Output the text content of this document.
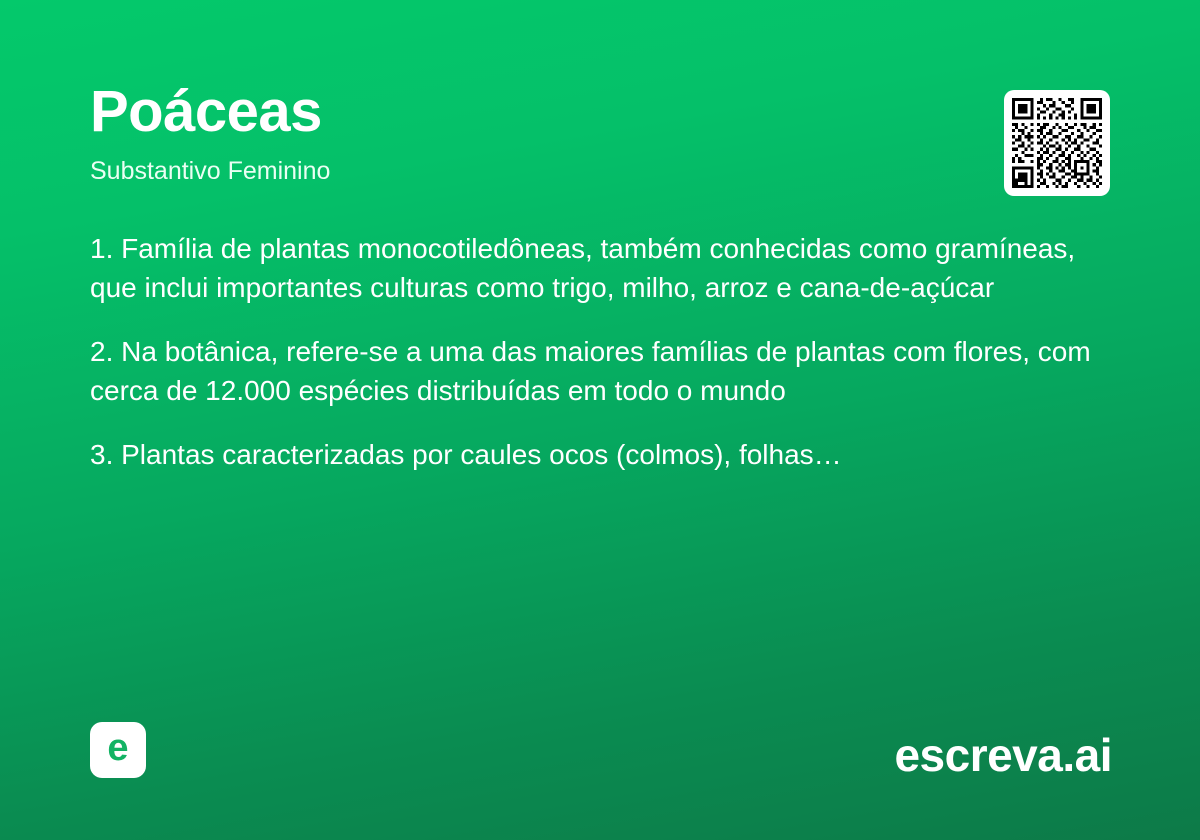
Poáceas
Substantivo Feminino
1. Família de plantas monocotiledôneas, também conhecidas como gramíneas, que inclui importantes culturas como trigo, milho, arroz e cana-de-açúcar
2. Na botânica, refere-se a uma das maiores famílias de plantas com flores, com cerca de 12.000 espécies distribuídas em todo o mundo
3. Plantas caracterizadas por caules ocos (colmos), folhas…
e	escreva.ai
